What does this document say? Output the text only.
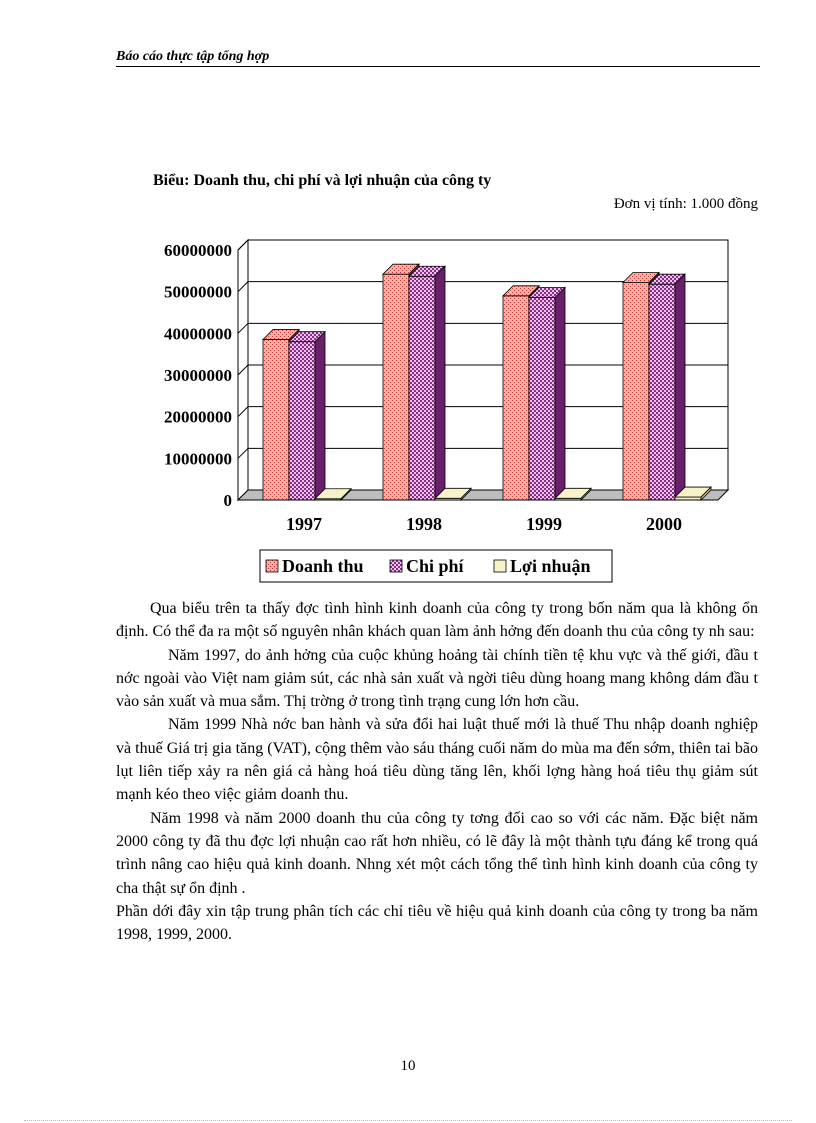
Báo cáo thực tập tổng hợp
Biểu: Doanh thu, chi phí và lợi nhuận của công ty
Đơn vị tính: 1.000 đồng
0
10000000
20000000
30000000
40000000
50000000
60000000
1997	1998	1999	2000
Doanh thu Chi phí	Lợi nhuận

Qua biểu trên ta thấy đợc tình hình kinh doanh của công ty trong bốn năm qua là không ổn định. Có thể đa ra một số nguyên nhân khách quan làm ảnh hởng đến doanh thu của công ty nh sau:

Năm 1997, do ảnh hởng của cuộc khủng hoảng tài chính tiền tệ khu vực và thế giới, đầu t nớc ngoài vào Việt nam giảm sút, các nhà sản xuất và ngời tiêu dùng hoang mang không dám đầu t vào sản xuất và mua sắm. Thị trờng ở trong tình trạng cung lớn hơn cầu.

Năm 1999 Nhà nớc ban hành và sửa đổi hai luật thuế mới là thuế Thu nhập doanh nghiệp và thuế Giá trị gia tăng (VAT), cộng thêm vào sáu tháng cuối năm do mùa ma đến sớm, thiên tai bão lụt liên tiếp xảy ra nên giá cả hàng hoá tiêu dùng tăng lên, khối lợng hàng hoá tiêu thụ giảm sút mạnh kéo theo việc giảm doanh thu.

Năm 1998 và năm 2000 doanh thu của công ty tơng đối cao so với các năm. Đặc biệt năm 2000 công ty đã thu đợc lợi nhuận cao rất hơn nhiều, có lẽ đây là một thành tựu đáng kể trong quá trình nâng cao hiệu quả kinh doanh. Nhng xét một cách tổng thể tình hình kinh doanh của công ty cha thật sự ổn định .

Phần dới đây xin tập trung phân tích các chỉ tiêu về hiệu quả kinh doanh của công ty trong ba năm 1998, 1999, 2000.

10
